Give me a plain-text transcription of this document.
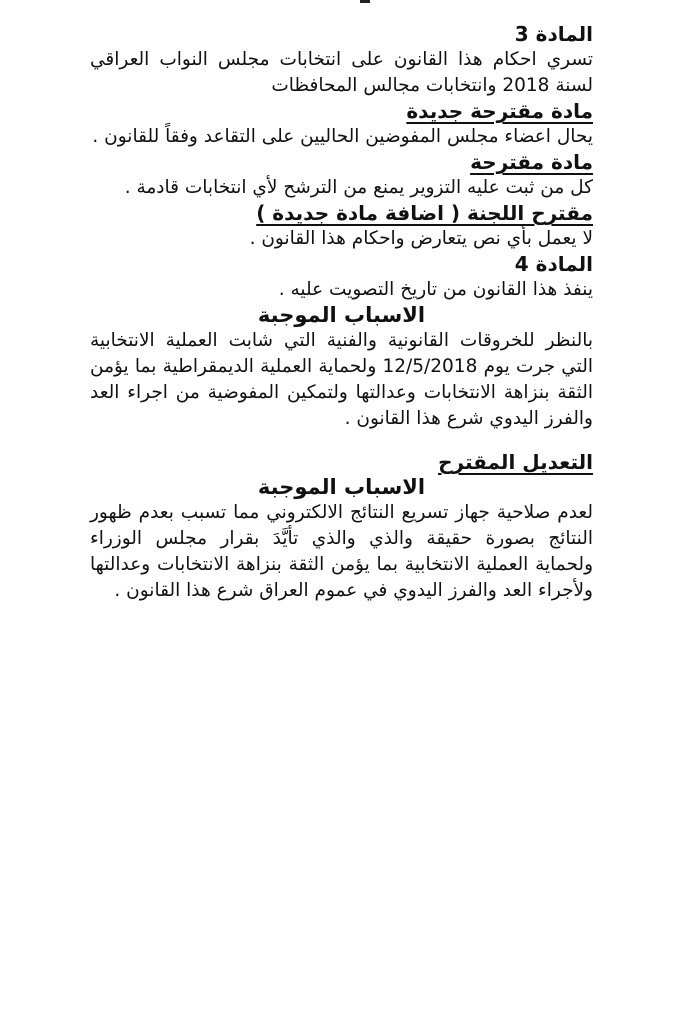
المادة 3

تسري احكام هذا القانون على انتخابات مجلس النواب العراقي لسنة 2018 وانتخابات مجالس المحافظات

مادة مقترحة جديدة

يحال اعضاء مجلس المفوضين الحاليين على التقاعد وفقاً للقانون .

مادة مقترحة

كل من ثبت عليه التزوير يمنع من الترشح لأي انتخابات قادمة .

مقترح اللجنة ( اضافة مادة جديدة )

لا يعمل بأي نص يتعارض واحكام هذا القانون .

المادة 4

ينفذ هذا القانون من تاريخ التصويت عليه .

الاسباب الموجبة

بالنظر للخروقات القانونية والفنية التي شابت العملية الانتخابية التي جرت يوم 12/5/2018 ولحماية العملية الديمقراطية بما يؤمن الثقة بنزاهة الانتخابات وعدالتها ولتمكين المفوضية من اجراء العد والفرز اليدوي شرع هذا القانون .

التعديل المقترح
الاسباب الموجبة

لعدم صلاحية جهاز تسريع النتائج الالكتروني مما تسبب بعدم ظهور النتائج بصورة حقيقة والذي والذي تأيَّدَ بقرار مجلس الوزراء ولحماية العملية الانتخابية بما يؤمن الثقة بنزاهة الانتخابات وعدالتها ولأجراء العد والفرز اليدوي في عموم العراق شرع هذا القانون .
